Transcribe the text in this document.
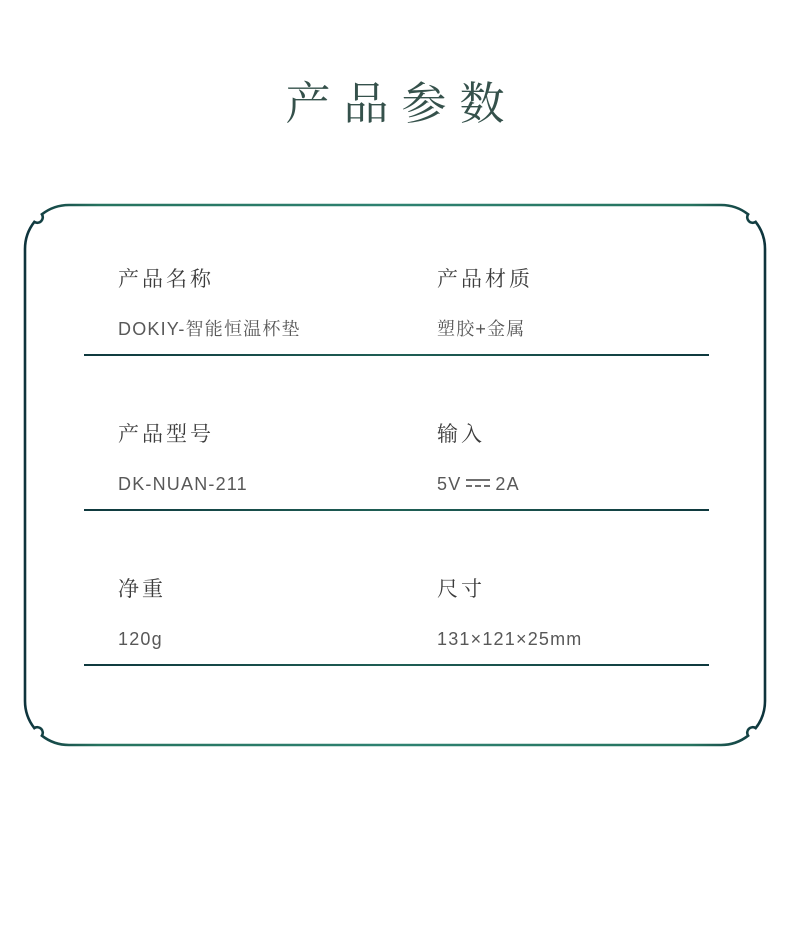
产品参数
产品名称
DOKIY-智能恒温杯垫
产品材质
塑胶+金属
产品型号
DK-NUAN-211
输入
5V 2A
净重
120g
尺寸
131×121×25mm
